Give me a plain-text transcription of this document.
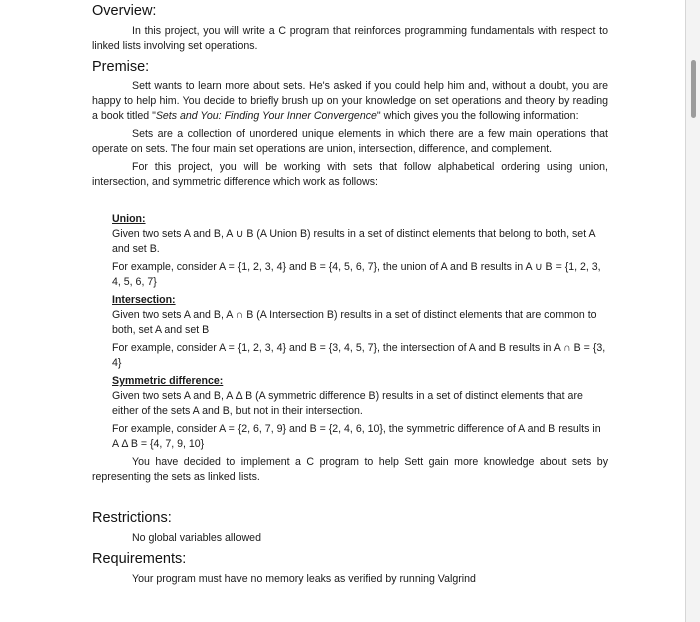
Overview:

In this project, you will write a C program that reinforces programming fundamentals with respect to linked lists involving set operations.

Premise:

Sett wants to learn more about sets. He's asked if you could help him and, without a doubt, you are happy to help him. You decide to briefly brush up on your knowledge on set operations and theory by reading a book titled "Sets and You: Finding Your Inner Convergence" which gives you the following information:

Sets are a collection of unordered unique elements in which there are a few main operations that operate on sets. The four main set operations are union, intersection, difference, and complement.

For this project, you will be working with sets that follow alphabetical ordering using union, intersection, and symmetric difference which work as follows:

Union:

Given two sets A and B, A ∪ B (A Union B) results in a set of distinct elements that belong to both, set A and set B.

For example, consider A = {1, 2, 3, 4} and B = {4, 5, 6, 7}, the union of A and B results in A ∪ B = {1, 2, 3, 4, 5, 6, 7}

Intersection:

Given two sets A and B, A ∩ B (A Intersection B) results in a set of distinct elements that are common to both, set A and set B

For example, consider A = {1, 2, 3, 4} and B = {3, 4, 5, 7}, the intersection of A and B results in A ∩ B = {3, 4}

Symmetric difference:

Given two sets A and B, A Δ B (A symmetric difference B) results in a set of distinct elements that are either of the sets A and B, but not in their intersection.

For example, consider A = {2, 6, 7, 9} and B = {2, 4, 6, 10}, the symmetric difference of A and B results in A Δ B = {4, 7, 9, 10}

You have decided to implement a C program to help Sett gain more knowledge about sets by representing the sets as linked lists.

Restrictions:

No global variables allowed

Requirements:

Your program must have no memory leaks as verified by running Valgrind
